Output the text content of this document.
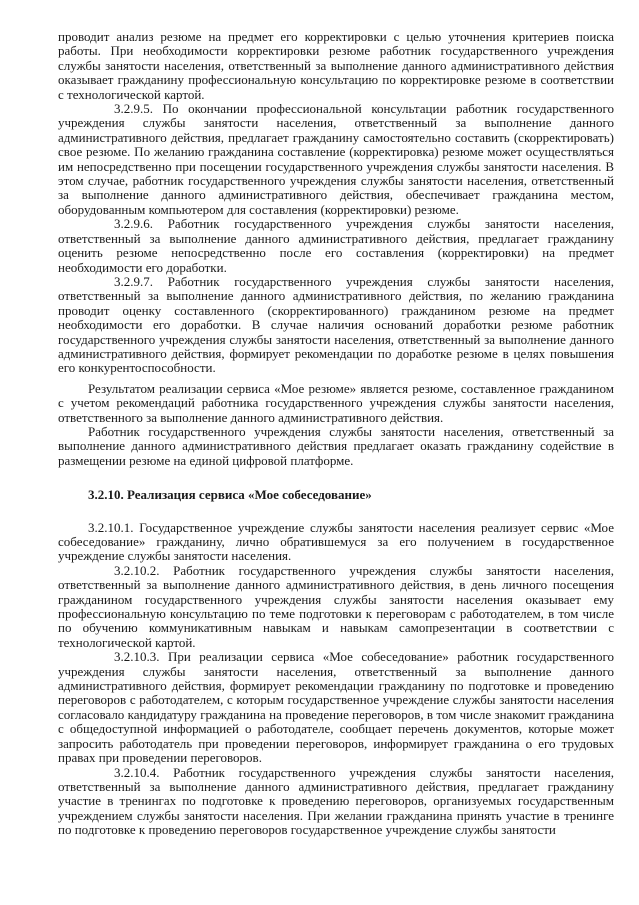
проводит анализ резюме на предмет его корректировки с целью уточнения критериев поиска работы. При необходимости корректировки резюме работник государственного учреждения службы занятости населения, ответственный за выполнение данного административного действия оказывает гражданину профессиональную консультацию по корректировке резюме в соответствии с технологической картой.

3.2.9.5. По окончании профессиональной консультации работник государственного учреждения службы занятости населения, ответственный за выполнение данного административного действия, предлагает гражданину самостоятельно составить (скорректировать) свое резюме. По желанию гражданина составление (корректировка) резюме может осуществляться им непосредственно при посещении государственного учреждения службы занятости населения. В этом случае, работник государственного учреждения службы занятости населения, ответственный за выполнение данного административного действия, обеспечивает гражданина местом, оборудованным компьютером для составления (корректировки) резюме.

3.2.9.6. Работник государственного учреждения службы занятости населения, ответственный за выполнение данного административного действия, предлагает гражданину оценить резюме непосредственно после его составления (корректировки) на предмет необходимости его доработки.

3.2.9.7. Работник государственного учреждения службы занятости населения, ответственный за выполнение данного административного действия, по желанию гражданина проводит оценку составленного (скорректированного) гражданином резюме на предмет необходимости его доработки. В случае наличия оснований доработки резюме работник государственного учреждения службы занятости населения, ответственный за выполнение данного административного действия, формирует рекомендации по доработке резюме в целях повышения его конкурентоспособности.

Результатом реализации сервиса «Мое резюме» является резюме, составленное гражданином с учетом рекомендаций работника государственного учреждения службы занятости населения, ответственного за выполнение данного административного действия.

Работник государственного учреждения службы занятости населения, ответственный за выполнение данного административного действия предлагает оказать гражданину содействие в размещении резюме на единой цифровой платформе.

3.2.10. Реализация сервиса «Мое собеседование»

3.2.10.1. Государственное учреждение службы занятости населения реализует сервис «Мое собеседование» гражданину, лично обратившемуся за его получением в государственное учреждение службы занятости населения.

3.2.10.2. Работник государственного учреждения службы занятости населения, ответственный за выполнение данного административного действия, в день личного посещения гражданином государственного учреждения службы занятости населения оказывает ему профессиональную консультацию по теме подготовки к переговорам с работодателем, в том числе по обучению коммуникативным навыкам и навыкам самопрезентации в соответствии с технологической картой.

3.2.10.3. При реализации сервиса «Мое собеседование» работник государственного учреждения службы занятости населения, ответственный за выполнение данного административного действия, формирует рекомендации гражданину по подготовке и проведению переговоров с работодателем, с которым государственное учреждение службы занятости населения согласовало кандидатуру гражданина на проведение переговоров, в том числе знакомит гражданина с общедоступной информацией о работодателе, сообщает перечень документов, которые может запросить работодатель при проведении переговоров, информирует гражданина о его трудовых правах при проведении переговоров.

3.2.10.4. Работник государственного учреждения службы занятости населения, ответственный за выполнение данного административного действия, предлагает гражданину участие в тренингах по подготовке к проведению переговоров, организуемых государственным учреждением службы занятости населения. При желании гражданина принять участие в тренинге по подготовке к проведению переговоров государственное учреждение службы занятости
